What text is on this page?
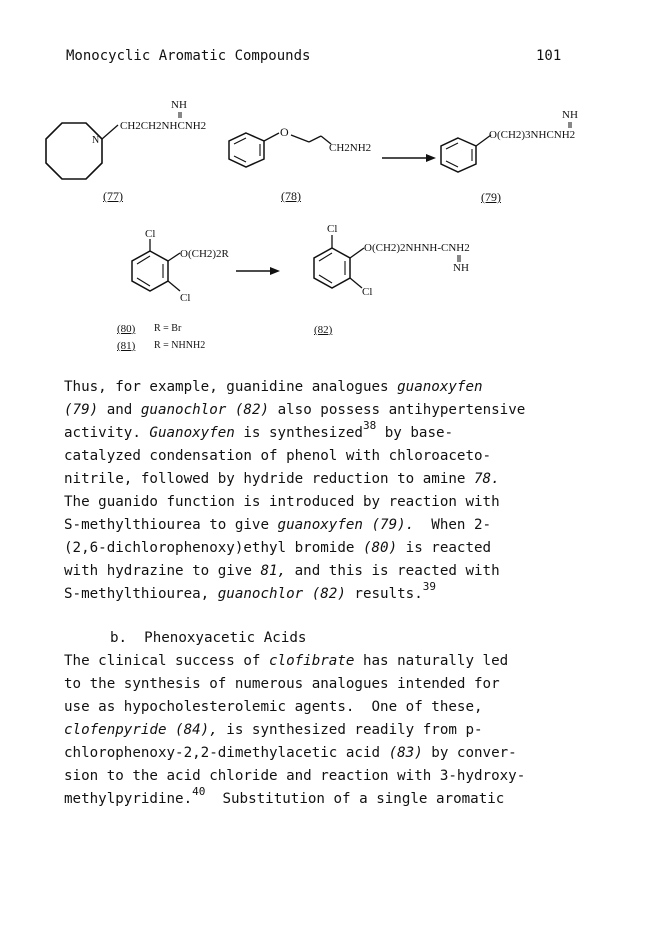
Monocyclic Aromatic Compounds	101
NH
CH2CH2NHCNH2
N
(77)
O
CH2NH2
(78)
NH
O(CH2)3NHCNH2
(79)
Cl
O(CH2)2R
Cl
(80) R = Br
(81) R = NHNH2
Cl
O(CH2)2NHNH-CNH2
NH
Cl
(82)
Thus, for example, guanidine analogues guanoxyfen
(79) and guanochlor (82) also possess antihypertensive
activity. Guanoxyfen is synthesized$^{38}$ by base-
catalyzed condensation of phenol with chloroaceto-
nitrile, followed by hydride reduction to amine 78.
The guanido function is introduced by reaction with
S-methylthiourea to give guanoxyfen (79).  When 2-
(2,6-dichlorophenoxy)ethyl bromide (80) is reacted
with hydrazine to give 81, and this is reacted with
S-methylthiourea, guanochlor (82) results.$^{39}$
b.  Phenoxyacetic Acids
The clinical success of clofibrate has naturally led
to the synthesis of numerous analogues intended for
use as hypocholesterolemic agents.  One of these,
clofenpyride (84), is synthesized readily from p-
chlorophenoxy-2,2-dimethylacetic acid (83) by conver-
sion to the acid chloride and reaction with 3-hydroxy-
methylpyridine.$^{40}$  Substitution of a single aromatic
